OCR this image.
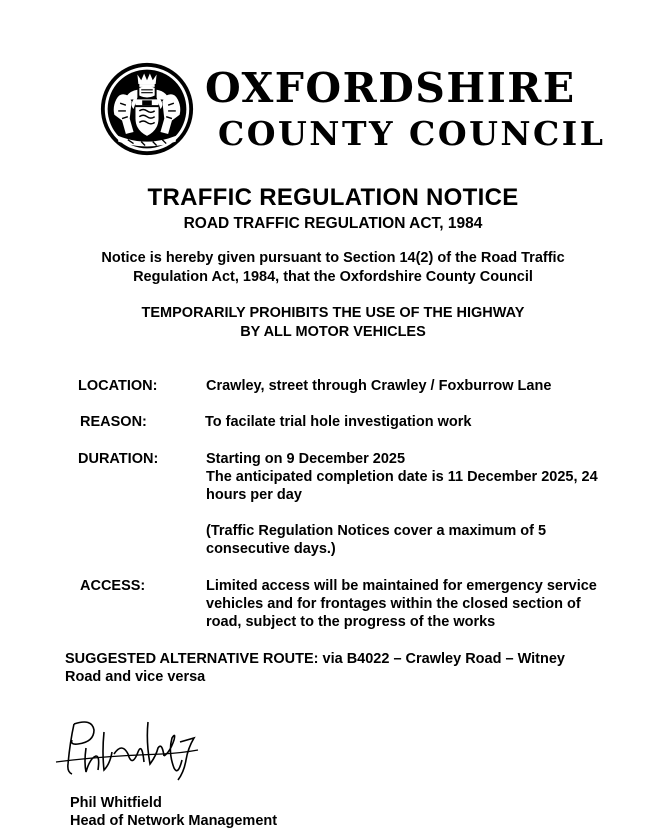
OXFORDSHIRE
COUNTY COUNCIL
TRAFFIC REGULATION NOTICE
ROAD TRAFFIC REGULATION ACT, 1984
Notice is hereby given pursuant to Section 14(2) of the Road Traffic
Regulation Act, 1984, that the Oxfordshire County Council
TEMPORARILY PROHIBITS THE USE OF THE HIGHWAY
BY ALL MOTOR VEHICLES
LOCATION:	Crawley, street through Crawley / Foxburrow Lane
REASON:	To facilate trial hole investigation work
DURATION:	Starting on 9 December 2025
The anticipated completion date is 11 December 2025, 24
hours per day
(Traffic Regulation Notices cover a maximum of 5
consecutive days.)
ACCESS:	Limited access will be maintained for emergency service
vehicles and for frontages within the closed section of
road, subject to the progress of the works
SUGGESTED ALTERNATIVE ROUTE: via B4022 – Crawley Road – Witney
Road and vice versa
Phil Whitfield
Head of Network Management
